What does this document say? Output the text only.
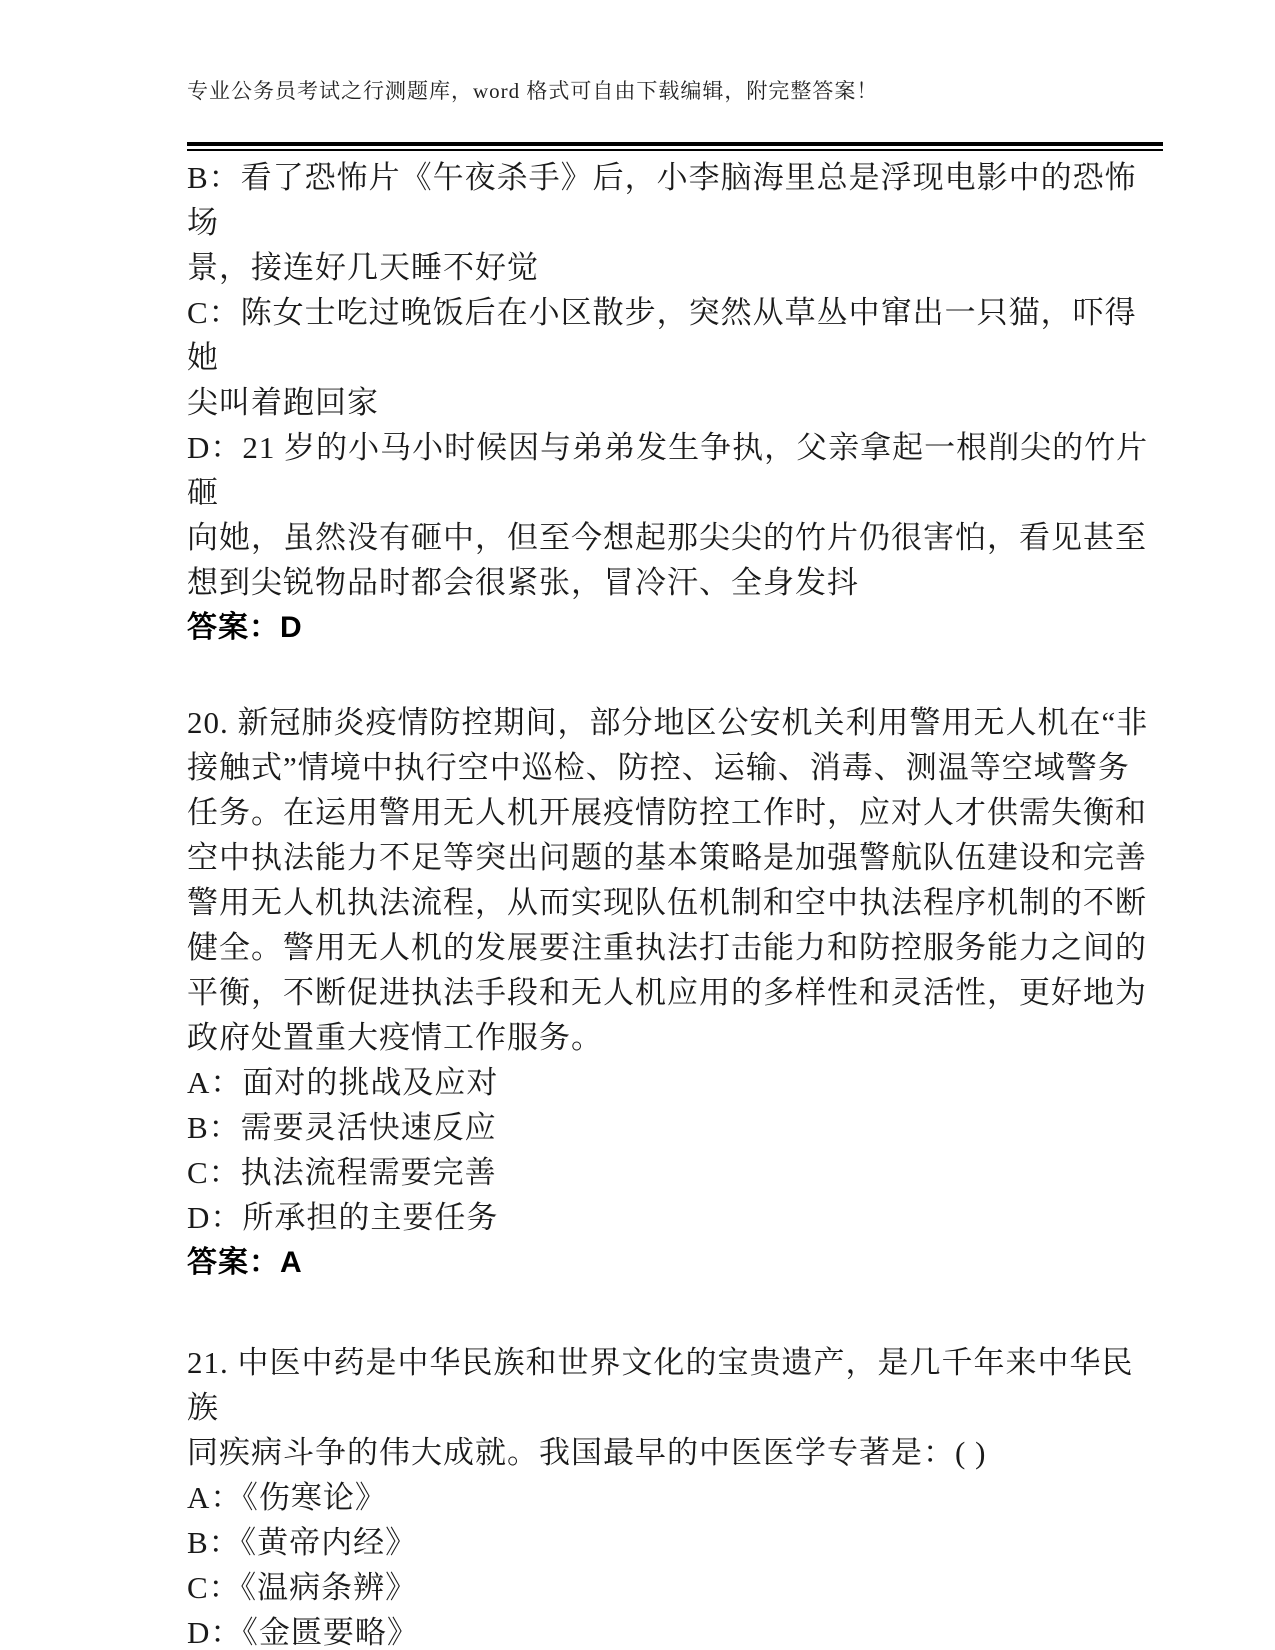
专业公务员考试之行测题库，word 格式可自由下载编辑，附完整答案！

B：看了恐怖片《午夜杀手》后，小李脑海里总是浮现电影中的恐怖场
景，接连好几天睡不好觉

C：陈女士吃过晚饭后在小区散步，突然从草丛中窜出一只猫，吓得她
尖叫着跑回家

D：21 岁的小马小时候因与弟弟发生争执，父亲拿起一根削尖的竹片砸
向她，虽然没有砸中，但至今想起那尖尖的竹片仍很害怕，看见甚至
想到尖锐物品时都会很紧张，冒冷汗、全身发抖

答案：D

20. 新冠肺炎疫情防控期间，部分地区公安机关利用警用无人机在“非
接触式”情境中执行空中巡检、防控、运输、消毒、测温等空域警务
任务。在运用警用无人机开展疫情防控工作时，应对人才供需失衡和
空中执法能力不足等突出问题的基本策略是加强警航队伍建设和完善
警用无人机执法流程，从而实现队伍机制和空中执法程序机制的不断
健全。警用无人机的发展要注重执法打击能力和防控服务能力之间的
平衡，不断促进执法手段和无人机应用的多样性和灵活性，更好地为
政府处置重大疫情工作服务。

A：面对的挑战及应对

B：需要灵活快速反应

C：执法流程需要完善

D：所承担的主要任务

答案：A

21. 中医中药是中华民族和世界文化的宝贵遗产，是几千年来中华民族
同疾病斗争的伟大成就。我国最早的中医医学专著是：( )

A：《伤寒论》

B：《黄帝内经》

C：《温病条辨》

D：《金匮要略》
